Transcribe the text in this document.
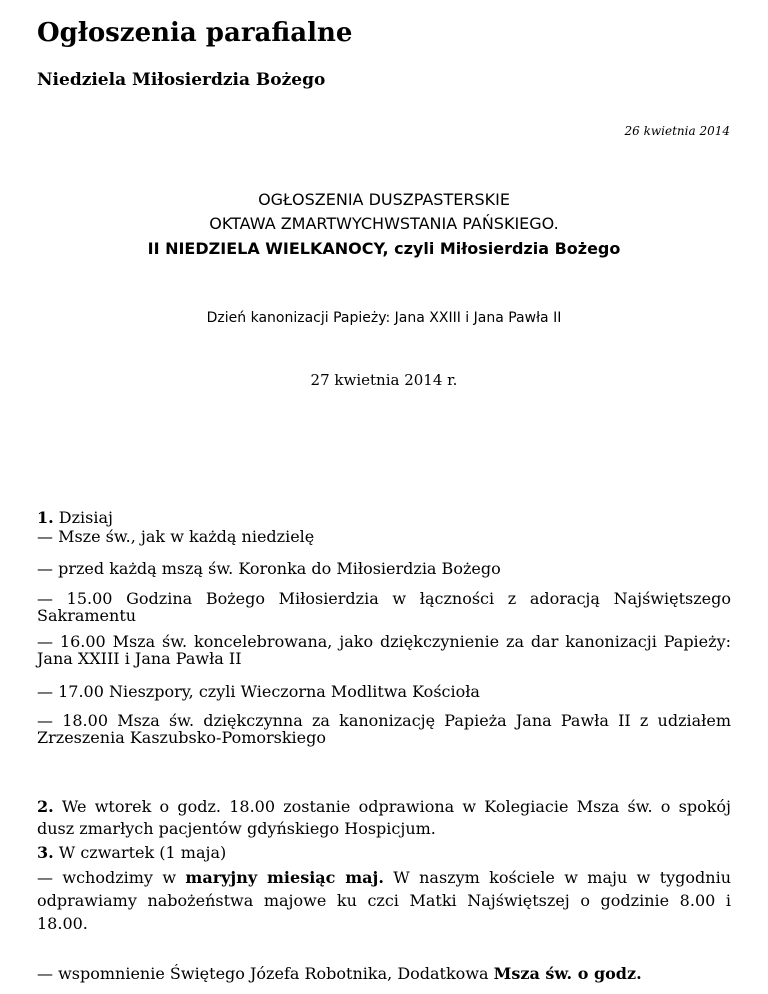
Ogłoszenia parafialne
Niedziela Miłosierdzia Bożego
26 kwietnia 2014
OGŁOSZENIA DUSZPASTERSKIE
OKTAWA ZMARTWYCHWSTANIA PAŃSKIEGO.
II NIEDZIELA WIELKANOCY, czyli Miłosierdzia Bożego
Dzień kanonizacji Papieży: Jana XXIII i Jana Pawła II
27 kwietnia 2014 r.
1. Dzisiaj
— Msze św., jak w każdą niedzielę
— przed każdą mszą św. Koronka do Miłosierdzia Bożego
— 15.00 Godzina Bożego Miłosierdzia w łączności z adoracją Najświętszego Sakramentu
— 16.00 Msza św. koncelebrowana, jako dziękczynienie za dar kanonizacji Papieży: Jana XXIII i Jana Pawła II
— 17.00 Nieszpory, czyli Wieczorna Modlitwa Kościoła
— 18.00 Msza św. dziękczynna za kanonizację Papieża Jana Pawła II z udziałem Zrzeszenia Kaszubsko-Pomorskiego
2. We wtorek o godz. 18.00 zostanie odprawiona w Kolegiacie Msza św. o spokój dusz zmarłych pacjentów gdyńskiego Hospicjum.
3. W czwartek (1 maja)
— wchodzimy w maryjny miesiąc maj. W naszym kościele w maju w tygodniu odprawiamy nabożeństwa majowe ku czci Matki Najświętszej o godzinie 8.00 i 18.00.
— wspomnienie Świętego Józefa Robotnika, Dodatkowa Msza św. o godz.
